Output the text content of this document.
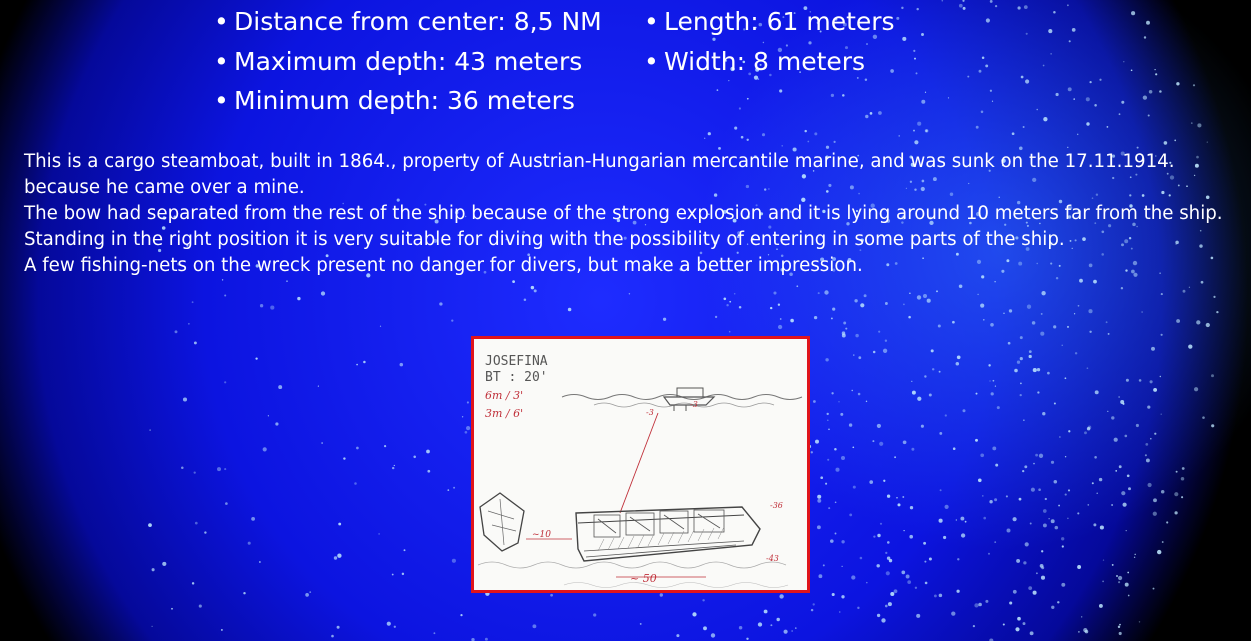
• Distance from center: 8,5 NM
• Maximum depth: 43 meters
• Minimum depth: 36 meters
• Length: 61 meters
• Width: 8 meters

This is a cargo steamboat, built in 1864., property of Austrian-Hungarian mercantile marine, and was sunk on the 17.11.1914. because he came over a mine.

The bow had separated from the rest of the ship because of the strong explosion and it is lying around 10 meters far from the ship.

Standing in the right position it is very suitable for diving with the possibility of entering in some parts of the ship.

A few fishing-nets on the wreck present no danger for divers, but make a better impression.

JOSEFINA
BT : 20'
6m / 3'
3m / 6'	-3
-3
~10
-36
-43
~ 50
